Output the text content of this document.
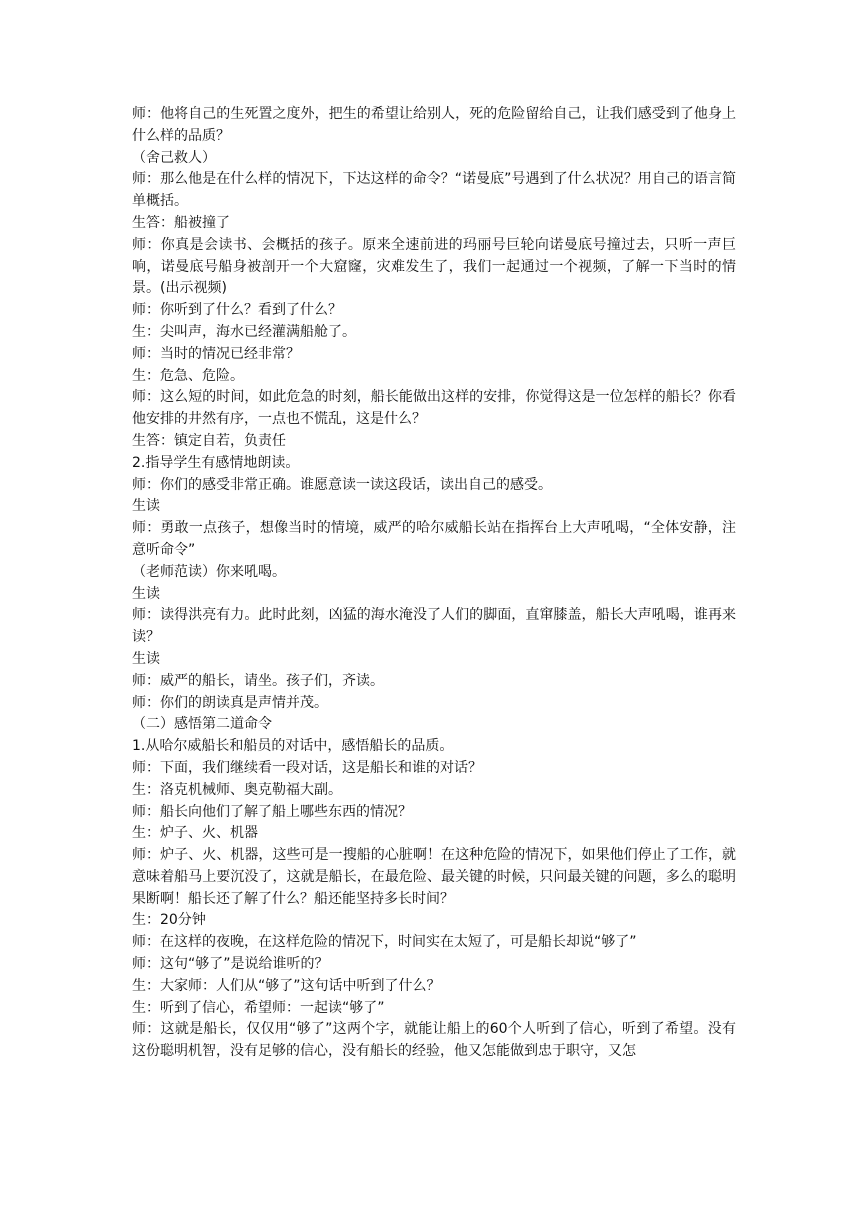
师：他将自己的生死置之度外，把生的希望让给别人，死的危险留给自己，让我们感受到了他身上什么样的品质？

（舍己救人）

师：那么他是在什么样的情况下，下达这样的命令？“诺曼底”号遇到了什么状况？用自己的语言简单概括。

生答：船被撞了

师：你真是会读书、会概括的孩子。原来全速前进的玛丽号巨轮向诺曼底号撞过去，只听一声巨响，诺曼底号船身被剖开一个大窟窿，灾难发生了，我们一起通过一个视频，了解一下当时的情景。(出示视频)

师：你听到了什么？看到了什么？

生：尖叫声，海水已经灌满船舱了。

师：当时的情况已经非常？

生：危急、危险。

师：这么短的时间，如此危急的时刻，船长能做出这样的安排，你觉得这是一位怎样的船长？你看他安排的井然有序，一点也不慌乱，这是什么？

生答：镇定自若，负责任

2.指导学生有感情地朗读。

师：你们的感受非常正确。谁愿意读一读这段话，读出自己的感受。

生读

师：勇敢一点孩子，想像当时的情境，威严的哈尔威船长站在指挥台上大声吼喝，“全体安静，注意听命令”

（老师范读）你来吼喝。

生读

师：读得洪亮有力。此时此刻，凶猛的海水淹没了人们的脚面，直窜膝盖，船长大声吼喝，谁再来读？

生读

师：威严的船长，请坐。孩子们，齐读。

师：你们的朗读真是声情并茂。

（二）感悟第二道命令

1.从哈尔威船长和船员的对话中，感悟船长的品质。

师：下面，我们继续看一段对话，这是船长和谁的对话？

生：洛克机械师、奥克勒福大副。

师：船长向他们了解了船上哪些东西的情况？

生：炉子、火、机器

师：炉子、火、机器，这些可是一搜船的心脏啊！在这种危险的情况下，如果他们停止了工作，就意味着船马上要沉没了，这就是船长，在最危险、最关键的时候，只问最关键的问题，多么的聪明果断啊！船长还了解了什么？船还能坚持多长时间？

生：20分钟

师：在这样的夜晚，在这样危险的情况下，时间实在太短了，可是船长却说“够了”

师：这句“够了”是说给谁听的？

生：大家师：人们从“够了”这句话中听到了什么？

生：听到了信心，希望师：一起读“够了”

师：这就是船长，仅仅用“够了”这两个字，就能让船上的60个人听到了信心，听到了希望。没有这份聪明机智，没有足够的信心，没有船长的经验，他又怎能做到忠于职守，又怎
